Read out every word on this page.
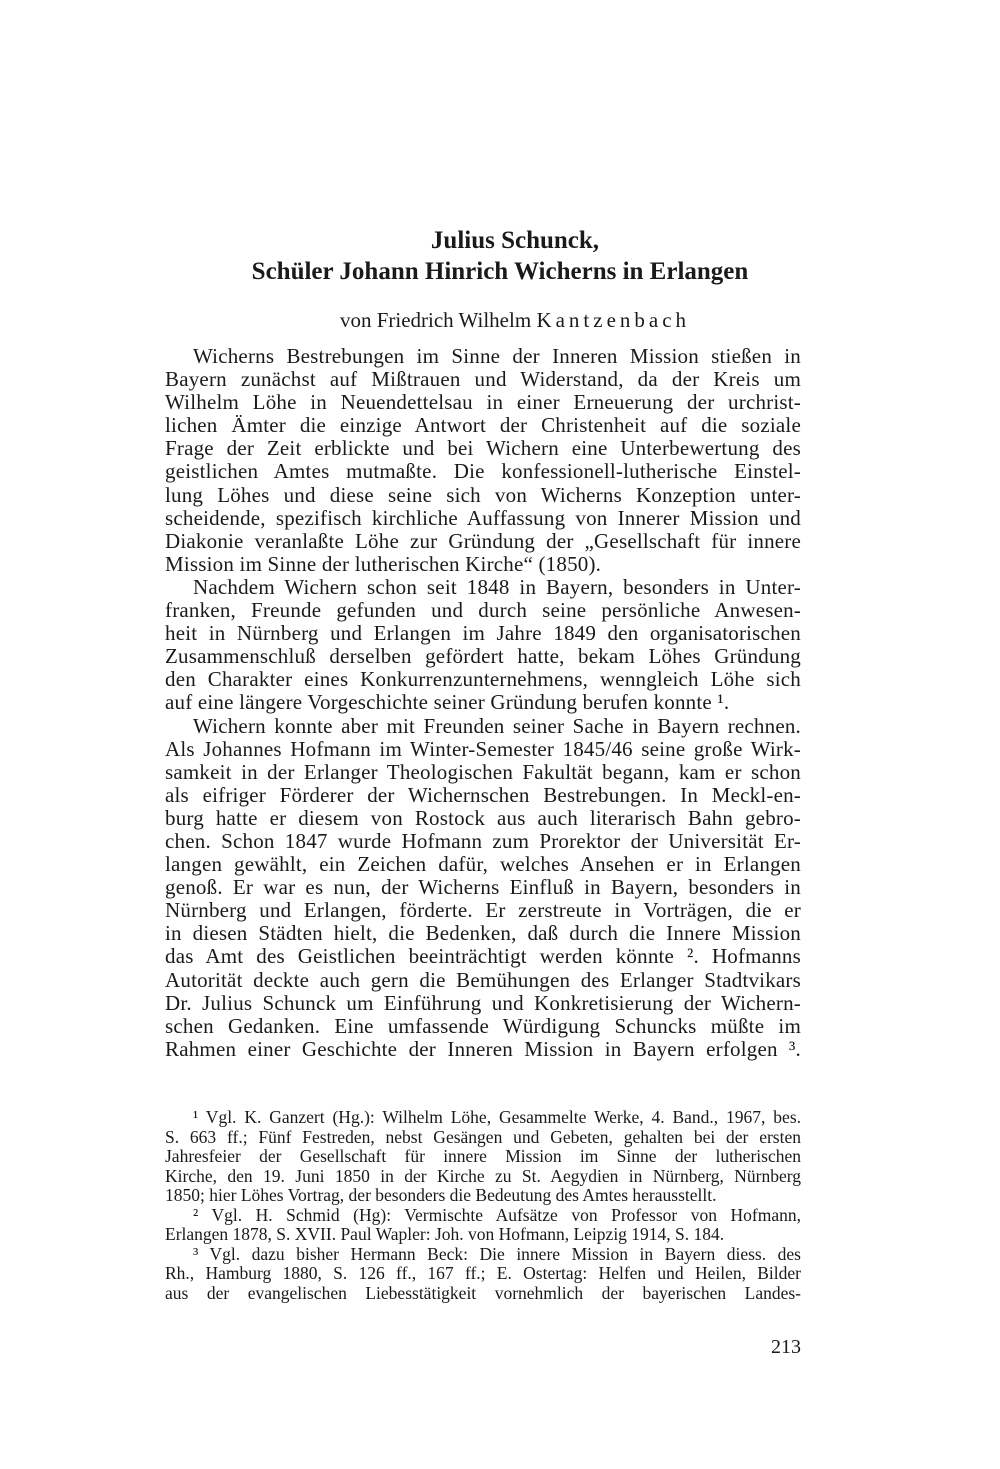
Julius Schunck,
Schüler Johann Hinrich Wicherns in Erlangen
von Friedrich Wilhelm Kantzenbach
Wicherns Bestrebungen im Sinne der Inneren Mission stießen in
Bayern zunächst auf Mißtrauen und Widerstand, da der Kreis um
Wilhelm Löhe in Neuendettelsau in einer Erneuerung der urchrist-
lichen Ämter die einzige Antwort der Christenheit auf die soziale
Frage der Zeit erblickte und bei Wichern eine Unterbewertung des
geistlichen Amtes mutmaßte. Die konfessionell-lutherische Einstel-
lung Löhes und diese seine sich von Wicherns Konzeption unter-
scheidende, spezifisch kirchliche Auffassung von Innerer Mission und
Diakonie veranlaßte Löhe zur Gründung der „Gesellschaft für innere
Mission im Sinne der lutherischen Kirche“ (1850).
Nachdem Wichern schon seit 1848 in Bayern, besonders in Unter-
franken, Freunde gefunden und durch seine persönliche Anwesen-
heit in Nürnberg und Erlangen im Jahre 1849 den organisatorischen
Zusammenschluß derselben gefördert hatte, bekam Löhes Gründung
den Charakter eines Konkurrenzunternehmens, wenngleich Löhe sich
auf eine längere Vorgeschichte seiner Gründung berufen konnte ¹.
Wichern konnte aber mit Freunden seiner Sache in Bayern rechnen.
Als Johannes Hofmann im Winter-Semester 1845/46 seine große Wirk-
samkeit in der Erlanger Theologischen Fakultät begann, kam er schon
als eifriger Förderer der Wichernschen Bestrebungen. In Meckl-en-
burg hatte er diesem von Rostock aus auch literarisch Bahn gebro-
chen. Schon 1847 wurde Hofmann zum Prorektor der Universität Er-
langen gewählt, ein Zeichen dafür, welches Ansehen er in Erlangen
genoß. Er war es nun, der Wicherns Einfluß in Bayern, besonders in
Nürnberg und Erlangen, förderte. Er zerstreute in Vorträgen, die er
in diesen Städten hielt, die Bedenken, daß durch die Innere Mission
das Amt des Geistlichen beeinträchtigt werden könnte ². Hofmanns
Autorität deckte auch gern die Bemühungen des Erlanger Stadtvikars
Dr. Julius Schunck um Einführung und Konkretisierung der Wichern-
schen Gedanken. Eine umfassende Würdigung Schuncks müßte im
Rahmen einer Geschichte der Inneren Mission in Bayern erfolgen ³.
¹ Vgl. K. Ganzert (Hg.): Wilhelm Löhe, Gesammelte Werke, 4. Band., 1967, bes.
S. 663 ff.; Fünf Festreden, nebst Gesängen und Gebeten, gehalten bei der ersten
Jahresfeier der Gesellschaft für innere Mission im Sinne der lutherischen
Kirche, den 19. Juni 1850 in der Kirche zu St. Aegydien in Nürnberg, Nürnberg
1850; hier Löhes Vortrag, der besonders die Bedeutung des Amtes herausstellt.
² Vgl. H. Schmid (Hg): Vermischte Aufsätze von Professor von Hofmann,
Erlangen 1878, S. XVII. Paul Wapler: Joh. von Hofmann, Leipzig 1914, S. 184.
³ Vgl. dazu bisher Hermann Beck: Die innere Mission in Bayern diess. des
Rh., Hamburg 1880, S. 126 ff., 167 ff.; E. Ostertag: Helfen und Heilen, Bilder
aus der evangelischen Liebesstätigkeit vornehmlich der bayerischen Landes-
213
